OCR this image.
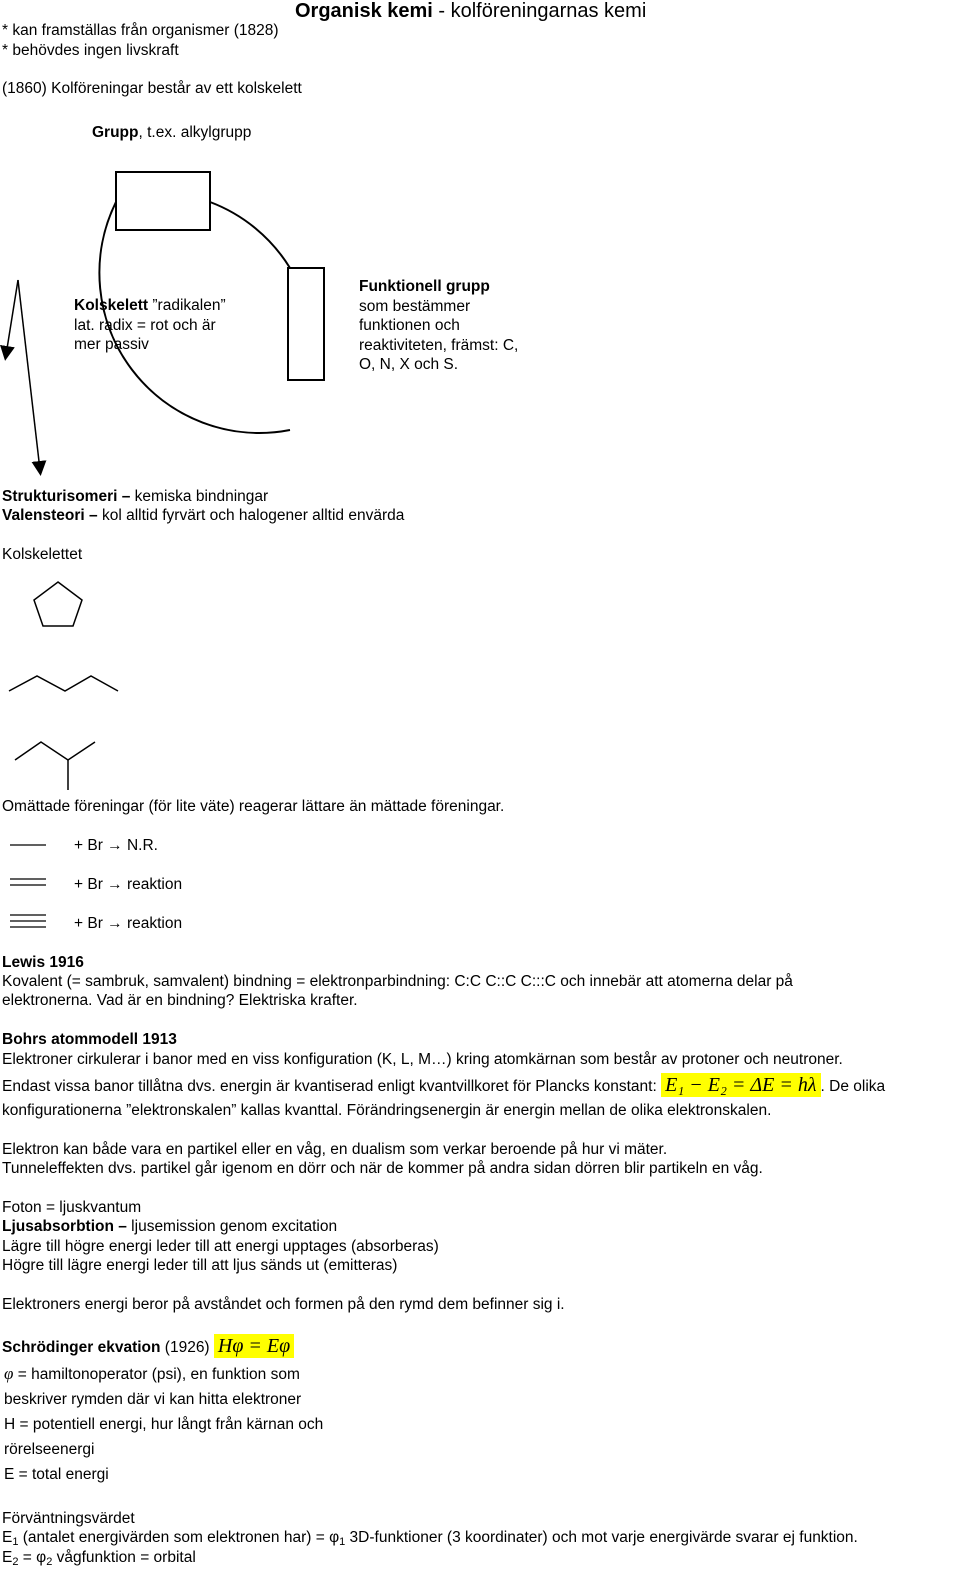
Organisk kemi - kolföreningarnas kemi
* kan framställas från organismer (1828)
* behövdes ingen livskraft
(1860) Kolföreningar består av ett kolskelett
Grupp, t.ex. alkylgrupp
Kolskelett ”radikalen”
lat. radix = rot och är
mer passiv
Funktionell grupp
som bestämmer
funktionen och
reaktiviteten, främst: C,
O, N, X och S.
Strukturisomeri – kemiska bindningar
Valensteori – kol alltid fyrvärt och halogener alltid envärda
Kolskelettet
Omättade föreningar (för lite väte) reagerar lättare än mättade föreningar.
+ Br → N.R.
+ Br → reaktion
+ Br → reaktion
Lewis 1916
Kovalent (= sambruk, samvalent) bindning = elektronparbindning: C:C C::C C:::C och innebär att atomerna delar på
elektronerna. Vad är en bindning? Elektriska krafter.
Bohrs atommodell 1913
Elektroner cirkulerar i banor med en viss konfiguration (K, L, M…) kring atomkärnan som består av protoner och neutroner.
Endast vissa banor tillåtna dvs. energin är kvantiserad enligt kvantvillkoret för Plancks konstant: E₁ − E₂ = ΔE = hλ . De olika
konfigurationerna ”elektronskalen” kallas kvanttal. Förändringsenergin är energin mellan de olika elektronskalen.
Elektron kan både vara en partikel eller en våg, en dualism som verkar beroende på hur vi mäter.
Tunneleffekten dvs. partikel går igenom en dörr och när de kommer på andra sidan dörren blir partikeln en våg.
Foton = ljuskvantum
Ljusabsorbtion – ljusemission genom excitation
Lägre till högre energi leder till att energi upptages (absorberas)
Högre till lägre energi leder till att ljus sänds ut (emitteras)
Elektroners energi beror på avståndet och formen på den rymd dem befinner sig i.
Schrödinger ekvation (1926) Hφ = Eφ
φ = hamiltonoperator (psi), en funktion som
beskriver rymden där vi kan hitta elektroner
H = potentiell energi, hur långt från kärnan och
rörelseenergi
E = total energi
Förväntningsvärdet
$E_1$ (antalet energivärden som elektronen $har) = \varphi_1$ 3D-funktioner (3 koordinater) och mot varje energivärde svarar ej funktion.
$E_2 = \varphi_2$ vågfunktion = orbital
